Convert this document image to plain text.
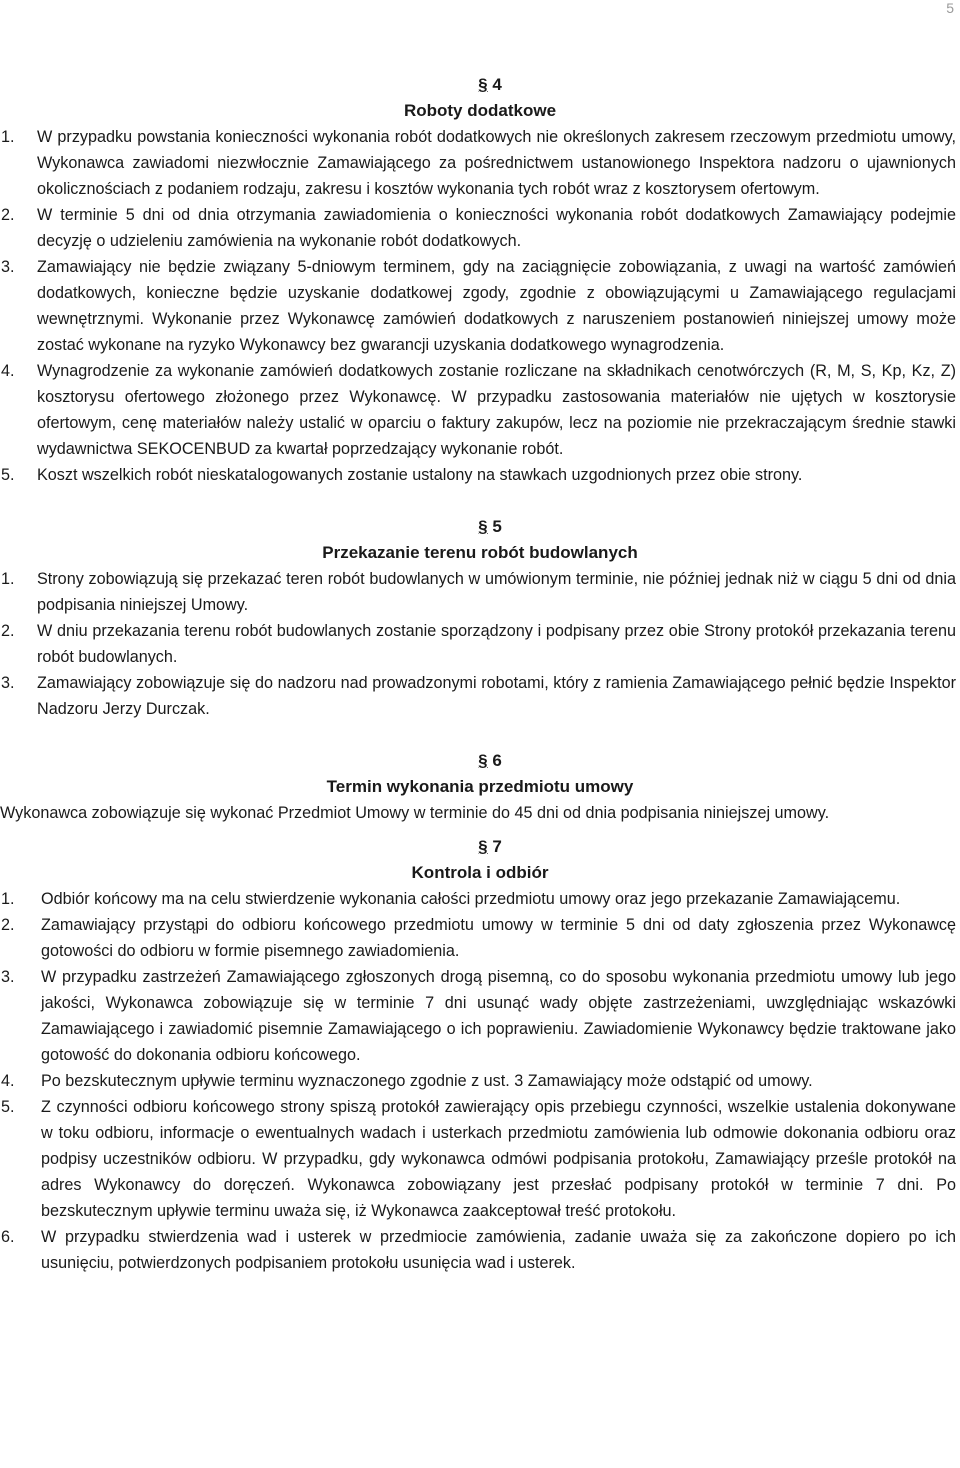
5
§ 4
Roboty dodatkowe
1. W przypadku powstania konieczności wykonania robót dodatkowych nie określonych zakresem rzeczowym przedmiotu umowy, Wykonawca zawiadomi niezwłocznie Zamawiającego za pośrednictwem ustanowionego Inspektora nadzoru o ujawnionych okolicznościach z podaniem rodzaju, zakresu i kosztów wykonania tych robót wraz z kosztorysem ofertowym.
2. W terminie 5 dni od dnia otrzymania zawiadomienia o konieczności wykonania robót dodatkowych Zamawiający podejmie decyzję o udzieleniu zamówienia na wykonanie robót dodatkowych.
3. Zamawiający nie będzie związany 5-dniowym terminem, gdy na zaciągnięcie zobowiązania, z uwagi na wartość zamówień dodatkowych, konieczne będzie uzyskanie dodatkowej zgody, zgodnie z obowiązującymi u Zamawiającego regulacjami wewnętrznymi. Wykonanie przez Wykonawcę zamówień dodatkowych z naruszeniem postanowień niniejszej umowy może zostać wykonane na ryzyko Wykonawcy bez gwarancji uzyskania dodatkowego wynagrodzenia.
4. Wynagrodzenie za wykonanie zamówień dodatkowych zostanie rozliczane na składnikach cenotwórczych (R, M, S, Kp, Kz, Z) kosztorysu ofertowego złożonego przez Wykonawcę. W przypadku zastosowania materiałów nie ujętych w kosztorysie ofertowym, cenę materiałów należy ustalić w oparciu o faktury zakupów, lecz na poziomie nie przekraczającym średnie stawki wydawnictwa SEKOCENBUD za kwartał poprzedzający wykonanie robót.
5. Koszt wszelkich robót nieskatalogowanych zostanie ustalony na stawkach uzgodnionych przez obie strony.
§ 5
Przekazanie terenu robót budowlanych
1. Strony zobowiązują się przekazać teren robót budowlanych w umówionym terminie, nie później jednak niż w ciągu 5 dni od dnia podpisania niniejszej Umowy.
2. W dniu przekazania terenu robót budowlanych zostanie sporządzony i podpisany przez obie Strony protokół przekazania terenu robót budowlanych.
3. Zamawiający zobowiązuje się do nadzoru nad prowadzonymi robotami, który z ramienia Zamawiającego pełnić będzie Inspektor Nadzoru Jerzy Durczak.
§ 6
Termin wykonania przedmiotu umowy
Wykonawca zobowiązuje się wykonać Przedmiot Umowy w terminie do 45 dni od dnia podpisania niniejszej umowy.
§ 7
Kontrola i odbiór
1. Odbiór końcowy ma na celu stwierdzenie wykonania całości przedmiotu umowy oraz jego przekazanie Zamawiającemu.
2. Zamawiający przystąpi do odbioru końcowego przedmiotu umowy w terminie 5 dni od daty zgłoszenia przez Wykonawcę gotowości do odbioru w formie pisemnego zawiadomienia.
3. W przypadku zastrzeżeń Zamawiającego zgłoszonych drogą pisemną, co do sposobu wykonania przedmiotu umowy lub jego jakości, Wykonawca zobowiązuje się w terminie 7 dni usunąć wady objęte zastrzeżeniami, uwzględniając wskazówki Zamawiającego i zawiadomić pisemnie Zamawiającego o ich poprawieniu. Zawiadomienie Wykonawcy będzie traktowane jako gotowość do dokonania odbioru końcowego.
4. Po bezskutecznym upływie terminu wyznaczonego zgodnie z ust. 3 Zamawiający może odstąpić od umowy.
5. Z czynności odbioru końcowego strony spiszą protokół zawierający opis przebiegu czynności, wszelkie ustalenia dokonywane w toku odbioru, informacje o ewentualnych wadach i usterkach przedmiotu zamówienia lub odmowie dokonania odbioru oraz podpisy uczestników odbioru. W przypadku, gdy wykonawca odmówi podpisania protokołu, Zamawiający prześle protokół na adres Wykonawcy do doręczeń. Wykonawca zobowiązany jest przesłać podpisany protokół w terminie 7 dni. Po bezskutecznym upływie terminu uważa się, iż Wykonawca zaakceptował treść protokołu.
6. W przypadku stwierdzenia wad i usterek w przedmiocie zamówienia, zadanie uważa się za zakończone dopiero po ich usunięciu, potwierdzonych podpisaniem protokołu usunięcia wad i usterek.
